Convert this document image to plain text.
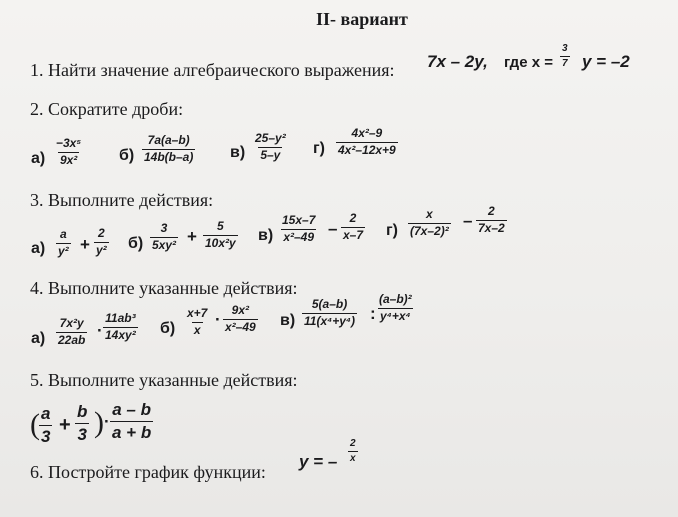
II- вариант
1. Найти значение алгебраического выражения: 7x – 2y, где $x = \frac{3}{7}$ y = –2
2. Сократите дроби:
$а) \frac{\text{−3x⁵}}{\text{9x²}} б) \frac{7a(a-b)}{14b(b-a)} в) \frac{\text{25–y²}}{5-y} г) \frac{\text{4x²–9}}{\text{4x²–12x+9}}$
3. Выполните действия:
$а) \frac{a}{\text{y²}} + \frac{2}{\text{y²}} б) \frac{3}{\text{5xy²}} + \frac{5}{\text{10x²y}} в) \frac{15x-7}{\text{x²–49}} - \frac{2}{x-7} г) \frac{x}{\text{(7x–2)²}} - \frac{2}{7x-2}$
4. Выполните указанные действия:
$а) \frac{\text{7x²y}}{22ab} \cdot \frac{\text{11ab³}}{\text{14xy²}} б) \frac{x+7}{x} \cdot \frac{\text{9x²}}{\text{x²–49}} в) \frac{5(a-b)}{\text{11(x⁴+y⁴)}}$ : $\frac{\text{(a–b)²}}{\text{y⁴+x⁴}}$
5. Выполните указанные действия:
( $\frac{a}{3} + \frac{b}{3}$ ) · $\frac{a - b}{a + b}$
6. Постройте график функции:
y = – $\frac{2}{x}$
